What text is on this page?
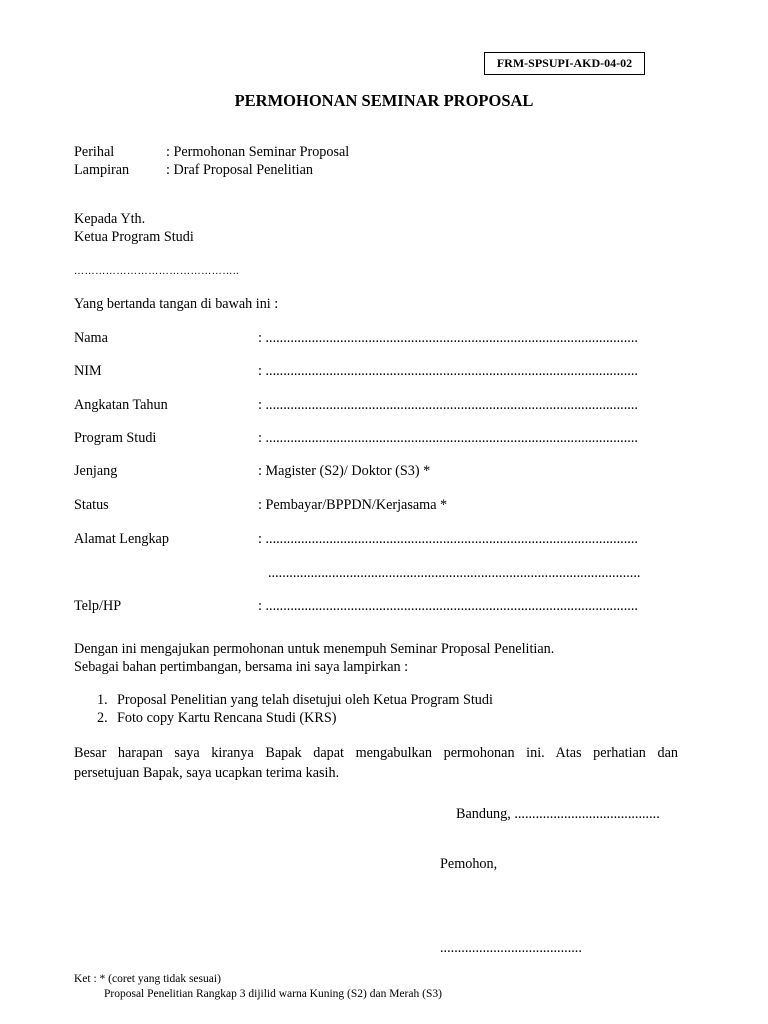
FRM-SPSUPI-AKD-04-02
PERMOHONAN SEMINAR PROPOSAL
Perihal	: Permohonan Seminar Proposal
Lampiran	: Draf Proposal Penelitian
Kepada Yth.
Ketua Program Studi
………………………………………..
Yang bertanda tangan di bawah ini :
Nama	: .........................................................................................................
NIM	: .........................................................................................................
Angkatan Tahun	: .........................................................................................................
Program Studi	: .........................................................................................................
Jenjang	: Magister (S2)/ Doktor (S3) *
Status	: Pembayar/BPPDN/Kerjasama *
Alamat Lengkap	: .........................................................................................................
.........................................................................................................
Telp/HP	: .........................................................................................................
Dengan ini mengajukan permohonan untuk menempuh Seminar Proposal Penelitian.
Sebagai bahan pertimbangan, bersama ini saya lampirkan :
1. Proposal Penelitian yang telah disetujui oleh Ketua Program Studi
2. Foto copy Kartu Rencana Studi (KRS)
Besar harapan saya kiranya Bapak dapat mengabulkan permohonan ini. Atas perhatian dan
persetujuan Bapak, saya ucapkan terima kasih.
Bandung, .........................................
Pemohon,
........................................
Ket : * (coret yang tidak sesuai)
Proposal Penelitian Rangkap 3 dijilid warna Kuning (S2) dan Merah (S3)
